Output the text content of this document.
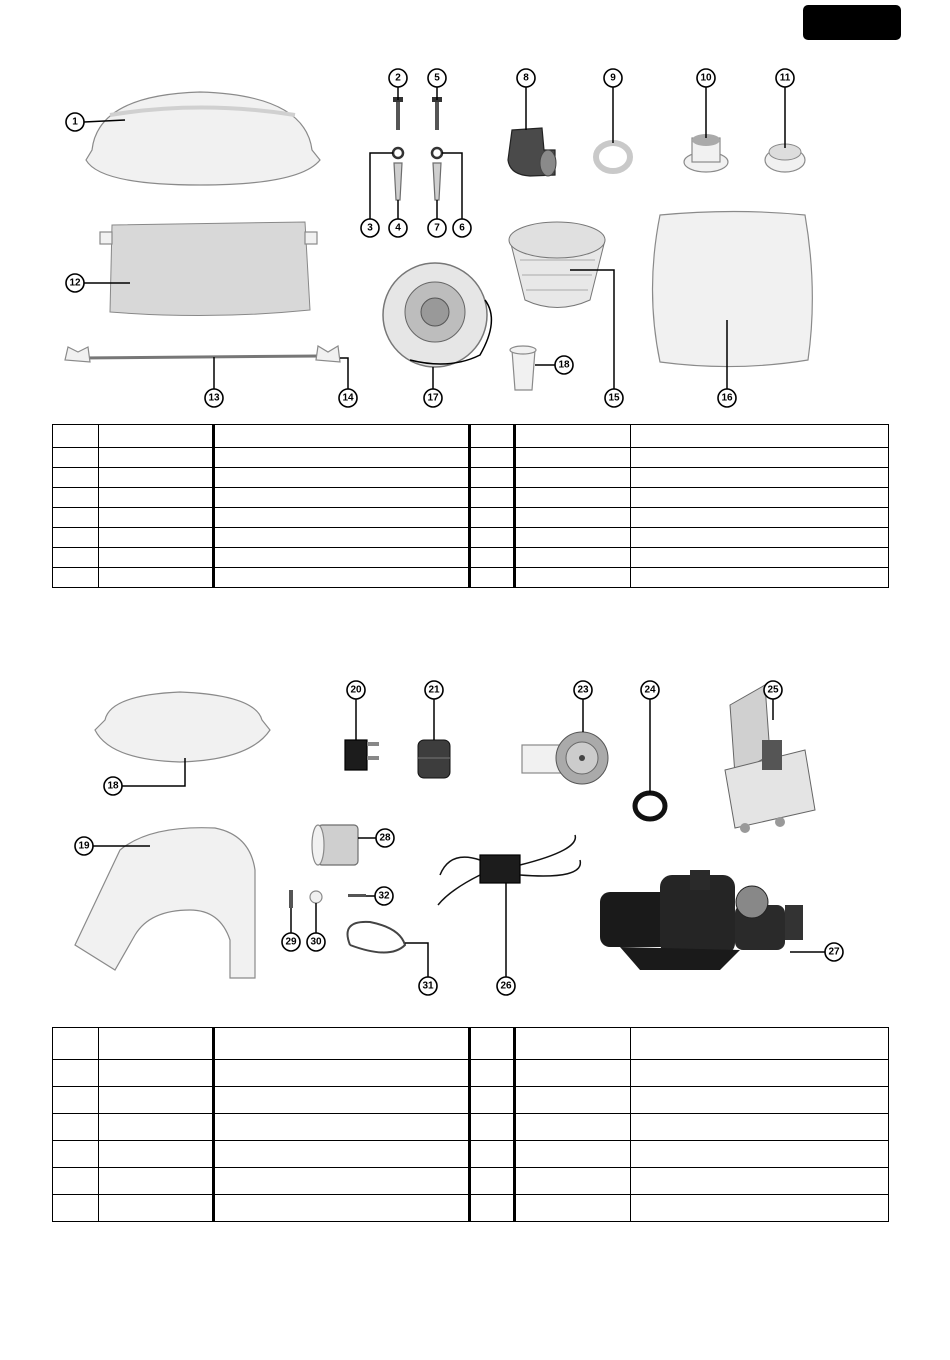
1
2
3 4
5
6
7
8	9	10	11
12
13	14	15	16
17
18

18
19
20	21	23	24	25
26
27
28
29 30
31
32
